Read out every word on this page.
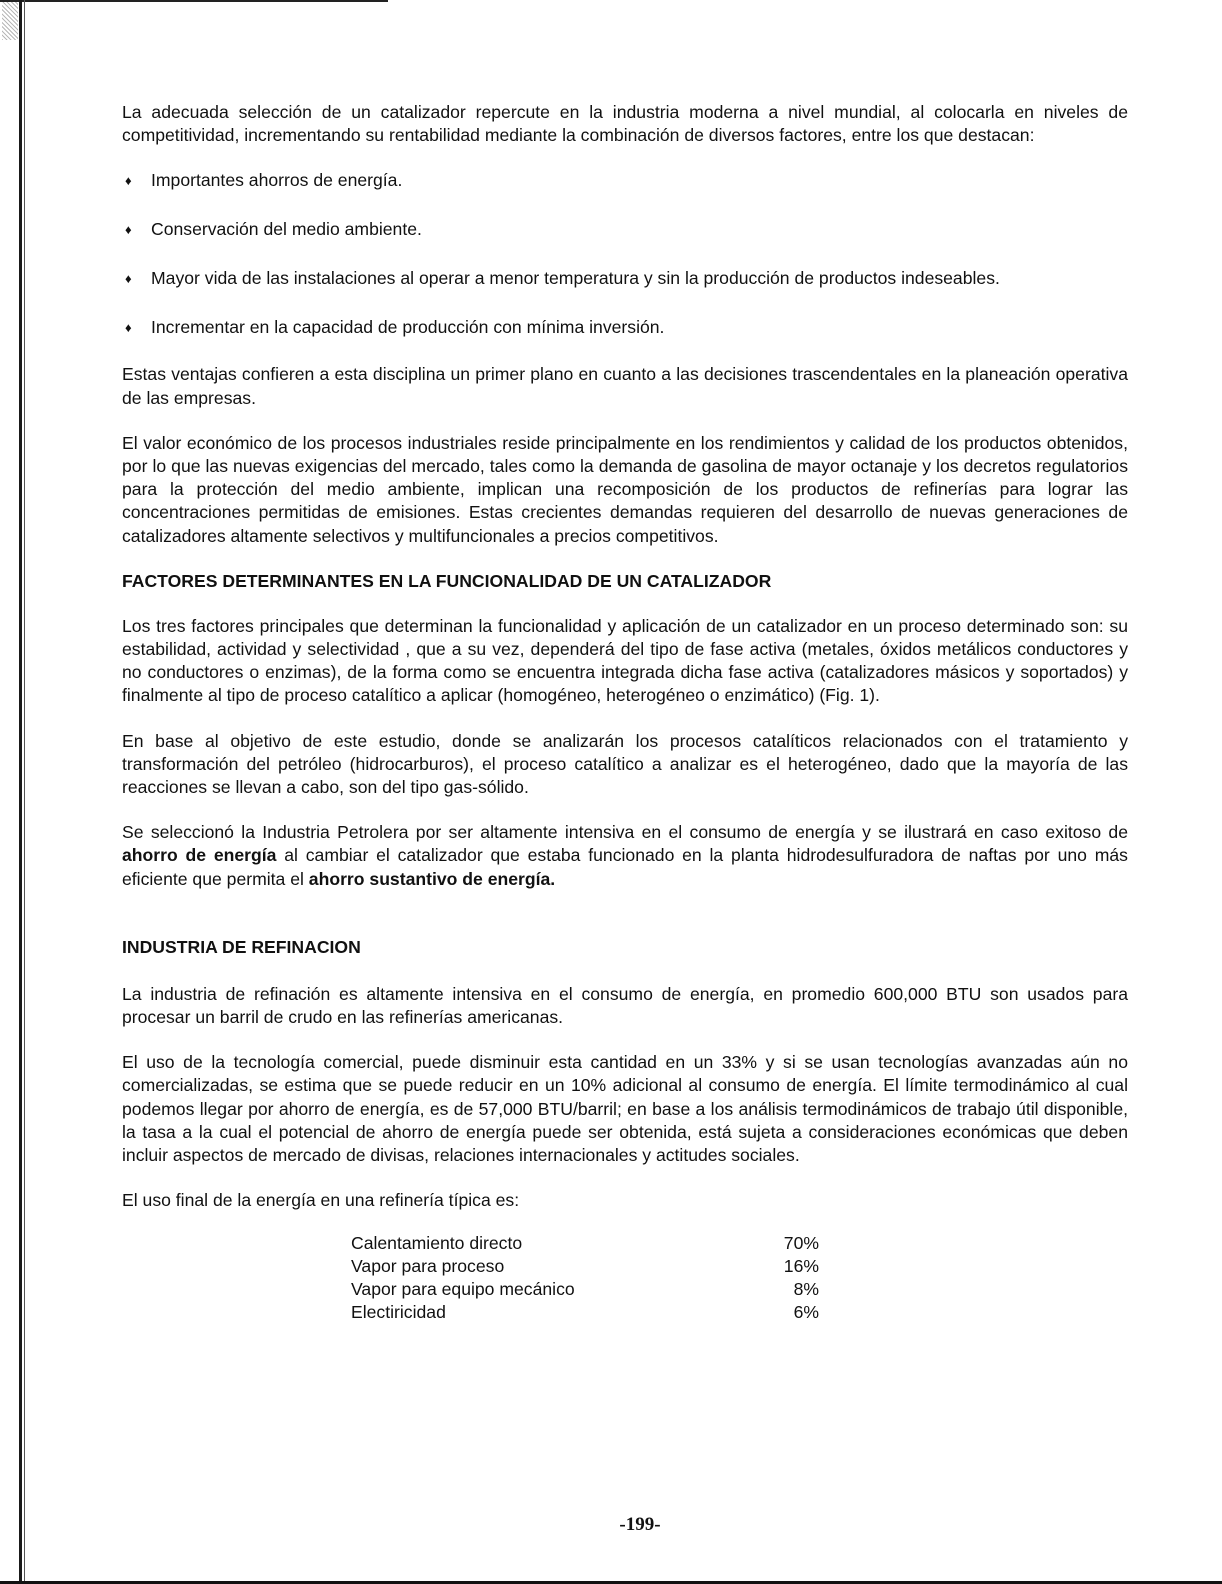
La adecuada selección de un catalizador repercute en la industria moderna a nivel mundial, al colocarla en niveles de competitividad, incrementando su rentabilidad mediante la combinación de diversos factores, entre los que destacan:

♦	Importantes ahorros de energía.
♦	Conservación del medio ambiente.
♦	Mayor vida de las instalaciones al operar a menor temperatura y sin la producción de productos indeseables.
♦	Incrementar en la capacidad de producción con mínima inversión.

Estas ventajas confieren a esta disciplina un primer plano en cuanto a las decisiones trascendentales en la planeación operativa de las empresas.

El valor económico de los procesos industriales reside principalmente en los rendimientos y calidad de los productos obtenidos, por lo que las nuevas exigencias del mercado, tales como la demanda de gasolina de mayor octanaje y los decretos regulatorios para la protección del medio ambiente, implican una recomposición de los productos de refinerías para lograr las concentraciones permitidas de emisiones. Estas crecientes demandas requieren del desarrollo de nuevas generaciones de catalizadores altamente selectivos y multifuncionales a precios competitivos.

FACTORES DETERMINANTES EN LA FUNCIONALIDAD DE UN CATALIZADOR

Los tres factores principales que determinan la funcionalidad y aplicación de un catalizador en un proceso determinado son: su estabilidad, actividad y selectividad , que a su vez, dependerá del tipo de fase activa (metales, óxidos metálicos conductores y no conductores o enzimas), de la forma como se encuentra integrada dicha fase activa (catalizadores másicos y soportados) y finalmente al tipo de proceso catalítico a aplicar (homogéneo, heterogéneo o enzimático) (Fig. 1).

En base al objetivo de este estudio, donde se analizarán los procesos catalíticos relacionados con el tratamiento y transformación del petróleo (hidrocarburos), el proceso catalítico a analizar es el heterogéneo, dado que la mayoría de las reacciones se llevan a cabo, son del tipo gas-sólido.

Se seleccionó la Industria Petrolera por ser altamente intensiva en el consumo de energía y se ilustrará en caso exitoso de ahorro de energía al cambiar el catalizador que estaba funcionado en la planta hidrodesulfuradora de naftas por uno más eficiente que permita el ahorro sustantivo de energía.

INDUSTRIA DE REFINACION

La industria de refinación es altamente intensiva en el consumo de energía, en promedio 600,000 BTU son usados para procesar un barril de crudo en las refinerías americanas.

El uso de la tecnología comercial, puede disminuir esta cantidad en un 33% y si se usan tecnologías avanzadas aún no comercializadas, se estima que se puede reducir en un 10% adicional al consumo de energía. El límite termodinámico al cual podemos llegar por ahorro de energía, es de 57,000 BTU/barril; en base a los análisis termodinámicos de trabajo útil disponible, la tasa a la cual el potencial de ahorro de energía puede ser obtenida, está sujeta a consideraciones económicas que deben incluir aspectos de mercado de divisas, relaciones internacionales y actitudes sociales.

El uso final de la energía en una refinería típica es:

Calentamiento directo	70%
Vapor para proceso	16%
Vapor para equipo mecánico	8%
Electiricidad	6%
-199-
